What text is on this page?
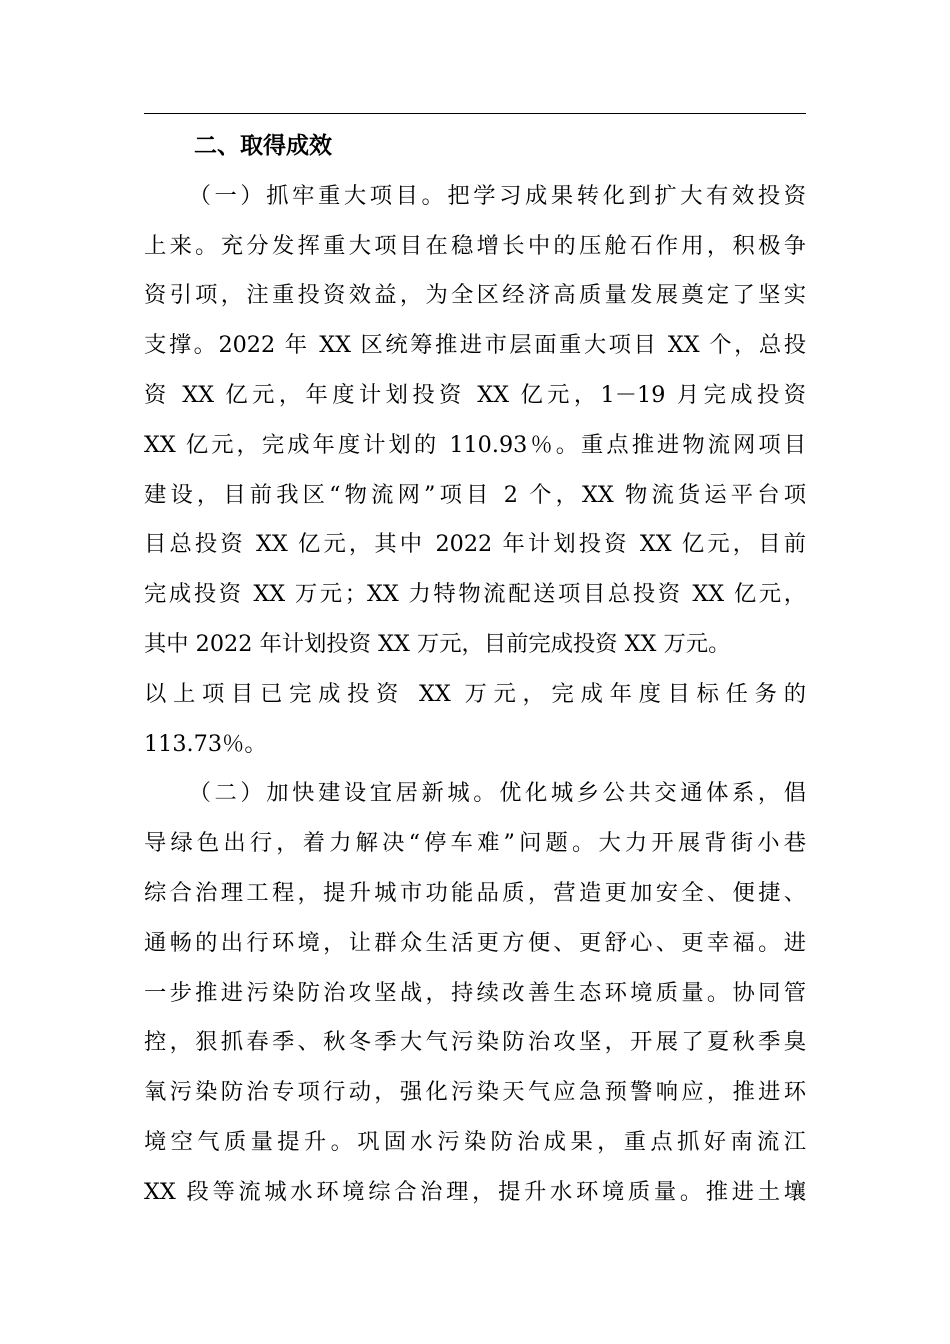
二、取得成效

（一）抓牢重大项目。把学习成果转化到扩大有效投资
上来。充分发挥重大项目在稳增长中的压舱石作用，积极争
资引项，注重投资效益，为全区经济高质量发展奠定了坚实
支撑。2022 年 XX 区统筹推进市层面重大项目 XX 个，总投
资 XX 亿元，年度计划投资 XX 亿元，1－19 月完成投资
XX 亿元，完成年度计划的 110.93％。重点推进物流网项目
建设，目前我区“物流网”项目 2 个，XX 物流货运平台项
目总投资 XX 亿元，其中 2022 年计划投资 XX 亿元，目前
完成投资 XX 万元；XX 力特物流配送项目总投资 XX 亿元，
其中 2022 年计划投资 XX 万元，目前完成投资 XX 万元。
以上项目已完成投资 XX 万元，完成年度目标任务的
113.73％。

（二）加快建设宜居新城。优化城乡公共交通体系，倡
导绿色出行，着力解决“停车难”问题。大力开展背街小巷
综合治理工程，提升城市功能品质，营造更加安全、便捷、
通畅的出行环境，让群众生活更方便、更舒心、更幸福。进
一步推进污染防治攻坚战，持续改善生态环境质量。协同管
控，狠抓春季、秋冬季大气污染防治攻坚，开展了夏秋季臭
氧污染防治专项行动，强化污染天气应急预警响应，推进环
境空气质量提升。巩固水污染防治成果，重点抓好南流江
XX 段等流城水环境综合治理，提升水环境质量。推进土壤
